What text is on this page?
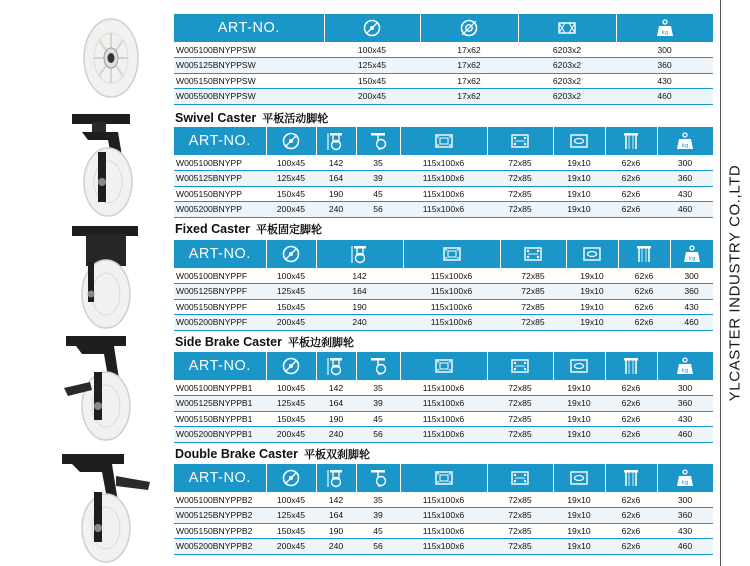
YLCASTER INDUSTRY CO.,LTD
ART-NO.				kg

W005100BNYPPSW	100x45	17x62	6203x2	300
W005125BNYPPSW	125x45	17x62	6203x2	360
W005150BNYPPSW	150x45	17x62	6203x2	430
W005500BNYPPSW	200x45	17x62	6203x2	460
Swivel Caster 平板活动脚轮
ART-NO.								kg

W005100BNYPP	100x45	142	35	115x100x6	72x85	19x10	62x6	300
W005125BNYPP	125x45	164	39	115x100x6	72x85	19x10	62x6	360
W005150BNYPP	150x45	190	45	115x100x6	72x85	19x10	62x6	430
W005200BNYPP	200x45	240	56	115x100x6	72x85	19x10	62x6	460
Fixed Caster 平板固定脚轮
ART-NO.							kg

W005100BNYPPF	100x45	142	115x100x6	72x85	19x10	62x6	300
W005125BNYPPF	125x45	164	115x100x6	72x85	19x10	62x6	360
W005150BNYPPF	150x45	190	115x100x6	72x85	19x10	62x6	430
W005200BNYPPF	200x45	240	115x100x6	72x85	19x10	62x6	460
Side Brake Caster 平板边刹脚轮
ART-NO.								kg

W005100BNYPPB1	100x45	142	35	115x100x6	72x85	19x10	62x6	300
W005125BNYPPB1	125x45	164	39	115x100x6	72x85	19x10	62x6	360
W005150BNYPPB1	150x45	190	45	115x100x6	72x85	19x10	62x6	430
W005200BNYPPB1	200x45	240	56	115x100x6	72x85	19x10	62x6	460
Double Brake Caster 平板双刹脚轮
ART-NO.								kg

W005100BNYPPB2	100x45	142	35	115x100x6	72x85	19x10	62x6	300
W005125BNYPPB2	125x45	164	39	115x100x6	72x85	19x10	62x6	360
W005150BNYPPB2	150x45	190	45	115x100x6	72x85	19x10	62x6	430
W005200BNYPPB2	200x45	240	56	115x100x6	72x85	19x10	62x6	460
